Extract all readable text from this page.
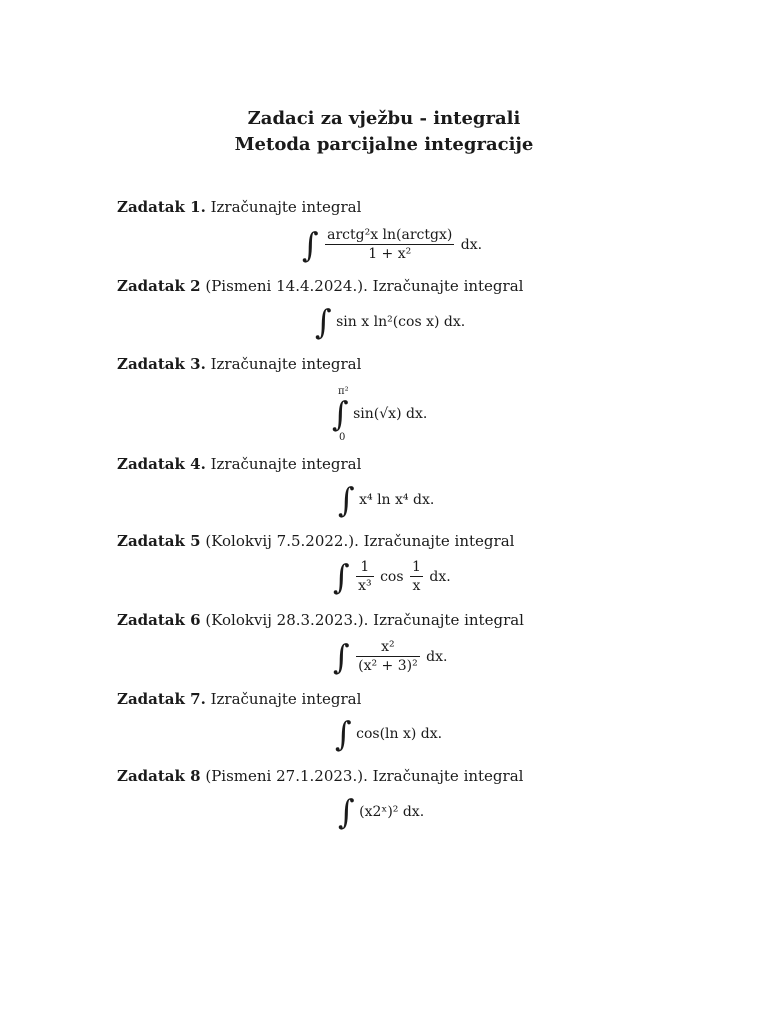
Zadaci za vježbu - integrali
Metoda parcijalne integracije
Zadatak 1. Izračunajte integral
∫ $\frac{\text{arctg²x ln(arctgx)}}{\text{1 + x²}}$ dx.
Zadatak 2 (Pismeni 14.4.2024.). Izračunajte integral
∫ sin x ln²(cos x) dx.
Zadatak 3. Izračunajte integral
π²
∫ sin(√x) dx.
0
Zadatak 4. Izračunajte integral
∫ x⁴ ln x⁴ dx.
Zadatak 5 (Kolokvij 7.5.2022.). Izračunajte integral
∫ $\frac{1}{\text{x³}}$ $\cos \frac{1}{x}$ dx.
Zadatak 6 (Kolokvij 28.3.2023.). Izračunajte integral
∫ $\frac{\text{x²}}{\text{(x² + 3)²}}$ dx.
Zadatak 7. Izračunajte integral
∫ cos(ln x) dx.
Zadatak 8 (Pismeni 27.1.2023.). Izračunajte integral
∫ (x2ˣ)² dx.
